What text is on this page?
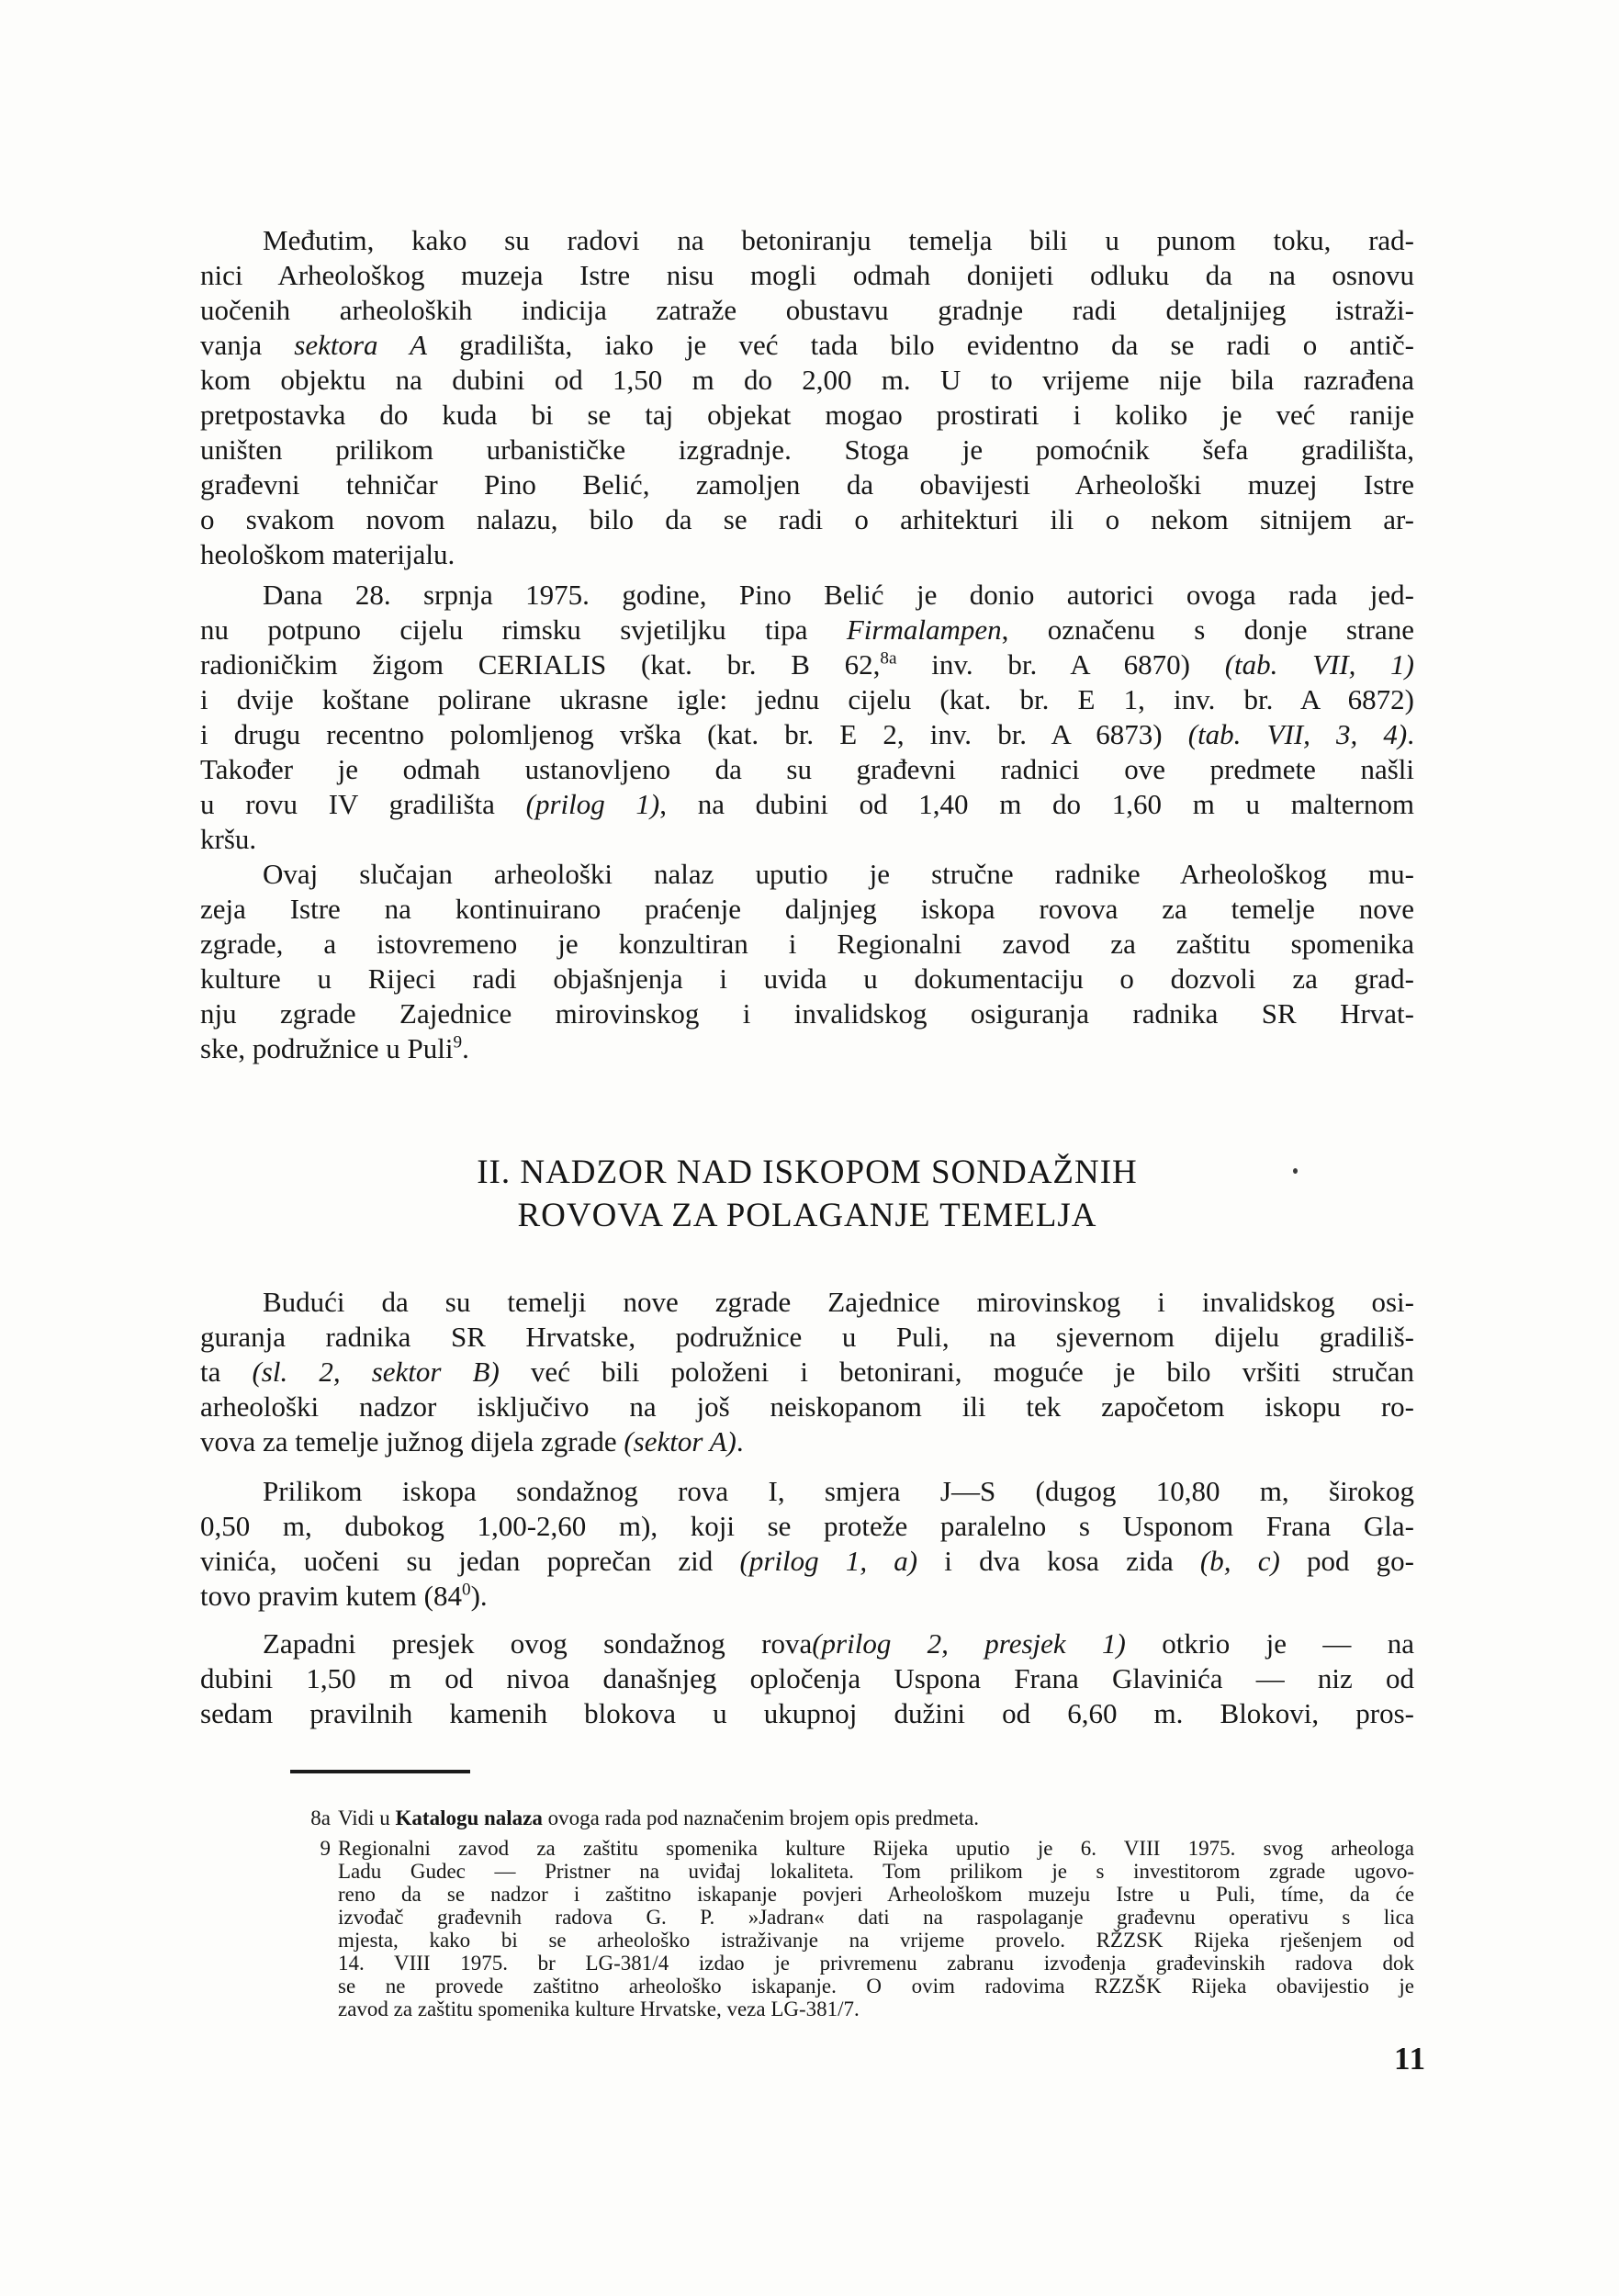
Međutim, kako su radovi na betoniranju temelja bili u punom toku, rad-
nici Arheološkog muzeja Istre nisu mogli odmah donijeti odluku da na osnovu
uočenih arheoloških indicija zatraže obustavu gradnje radi detaljnijeg istraži-
vanja sektora A gradilišta, iako je već tada bilo evidentno da se radi o antič-
kom objektu na dubini od 1,50 m do 2,00 m. U to vrijeme nije bila razrađena
pretpostavka do kuda bi se taj objekat mogao prostirati i koliko je već ranije
uništen prilikom urbanističke izgradnje. Stoga je pomoćnik šefa gradilišta,
građevni tehničar Pino Belić, zamoljen da obavijesti Arheološki muzej Istre
o svakom novom nalazu, bilo da se radi o arhitekturi ili o nekom sitnijem ar-
heološkom materijalu.
Dana 28. srpnja 1975. godine, Pino Belić je donio autorici ovoga rada jed-
nu potpuno cijelu rimsku svjetiljku tipa Firmalampen, označenu s donje strane
radioničkim žigom CERIALIS (kat. br. B 62,$^{8a}$ inv. br. A 6870) (tab. VII, 1)
i dvije koštane polirane ukrasne igle: jednu cijelu (kat. br. E 1, inv. br. A 6872)
i drugu recentno polomljenog vrška (kat. br. E 2, inv. br. A 6873) (tab. VII, 3, 4).
Također je odmah ustanovljeno da su građevni radnici ove predmete našli
u rovu IV gradilišta (prilog 1), na dubini od 1,40 m do 1,60 m u malternom
kršu.
Ovaj slučajan arheološki nalaz uputio je stručne radnike Arheološkog mu-
zeja Istre na kontinuirano praćenje daljnjeg iskopa rovova za temelje nove
zgrade, a istovremeno je konzultiran i Regionalni zavod za zaštitu spomenika
kulture u Rijeci radi objašnjenja i uvida u dokumentaciju o dozvoli za grad-
nju zgrade Zajednice mirovinskog i invalidskog osiguranja radnika SR Hrvat-
ske, podružnice u Puli$^9$.
II. NADZOR NAD ISKOPOM SONDAŽNIH
ROVOVA ZA POLAGANJE TEMELJA
Budući da su temelji nove zgrade Zajednice mirovinskog i invalidskog osi-
guranja radnika SR Hrvatske, podružnice u Puli, na sjevernom dijelu gradiliš-
ta (sl. 2, sektor B) već bili položeni i betonirani, moguće je bilo vršiti stručan
arheološki nadzor isključivo na još neiskopanom ili tek započetom iskopu ro-
vova za temelje južnog dijela zgrade (sektor A).
Prilikom iskopa sondažnog rova I, smjera J—S (dugog 10,80 m, širokog
0,50 m, dubokog 1,00-2,60 m), koji se proteže paralelno s Usponom Frana Gla-
vinića, uočeni su jedan poprečan zid (prilog 1, a) i dva kosa zida (b, c) pod go-
tovo pravim kutem $(84^0)$.
Zapadni presjek ovog sondažnog rova(prilog 2, presjek 1) otkrio je — na
dubini 1,50 m od nivoa današnjeg opločenja Uspona Frana Glavinića — niz od
sedam pravilnih kamenih blokova u ukupnoj dužini od 6,60 m. Blokovi, pros-
8a Vidi u Katalogu nalaza ovoga rada pod naznačenim brojem opis predmeta.
9 Regionalni zavod za zaštitu spomenika kulture Rijeka uputio je 6. VIII 1975. svog arheologa
Ladu Gudec — Pristner na uviđaj lokaliteta. Tom prilikom je s investitorom zgrade ugovo-
reno da se nadzor i zaštitno iskapanje povjeri Arheološkom muzeju Istre u Puli, tíme, da će
izvođač građevnih radova G. P. »Jadran« dati na raspolaganje građevnu operativu s lica
mjesta, kako bi se arheološko istraživanje na vrijeme provelo. RŽZSK Rijeka rješenjem od
14. VIII 1975. br LG-381/4 izdao je privremenu zabranu izvođenja građevinskih radova dok
se ne provede zaštitno arheološko iskapanje. O ovim radovima RZZŠK Rijeka obavijestio je
zavod za zaštitu spomenika kulture Hrvatske, veza LG-381/7.
11
